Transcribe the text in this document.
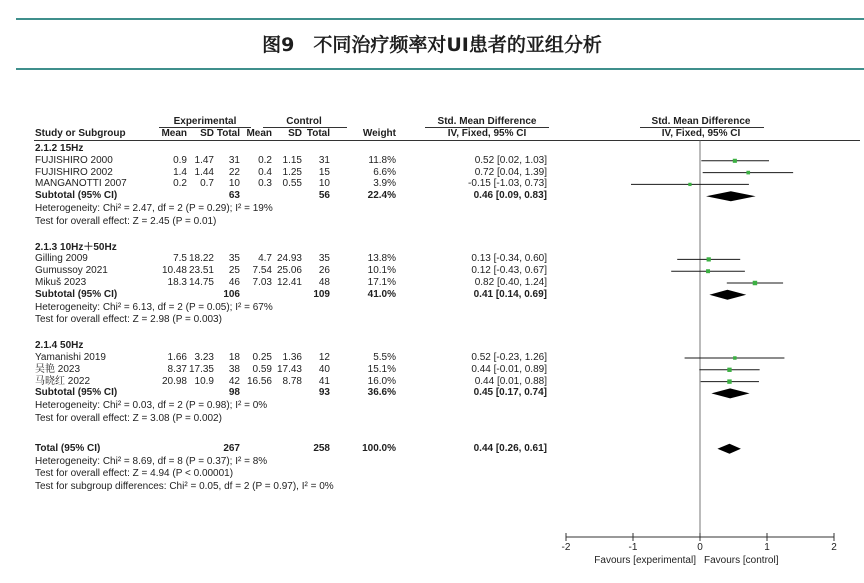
图9　不同治疗频率对UI患者的亚组分析
Experimental	Control	Std. Mean Difference	Std. Mean Difference
Study or Subgroup	Mean	SD Total Mean	SD Total	Weight	IV, Fixed, 95% CI	IV, Fixed, 95% CI
2.1.2 15Hz
FUJISHIRO 2000	0.9 1.47	31	0.2	1.15	31	11.8%	0.52 [0.02, 1.03]
FUJISHIRO 2002	1.4 1.44	22	0.4	1.25	15	6.6%	0.72 [0.04, 1.39]
MANGANOTTI 2007	0.2	0.7	10	0.3	0.55	10	3.9%	-0.15 [-1.03, 0.73]
Subtotal (95% CI)	63	56	22.4%	0.46 [0.09, 0.83]
Heterogeneity: Chi² = 2.47, df = 2 (P = 0.29); I² = 19%
Test for overall effect: Z = 2.45 (P = 0.01)
2.1.3 10Hz＋50Hz
Gilling 2009	7.5 18.22	35	4.7 24.93	35	13.8%	0.13 [-0.34, 0.60]
Gumussoy 2021	10.48 23.51	25	7.54 25.06	26	10.1%	0.12 [-0.43, 0.67]
Mikuš 2023	18.3 14.75	46	7.03 12.41	48	17.1%	0.82 [0.40, 1.24]
Subtotal (95% CI)	106	109	41.0%	0.41 [0.14, 0.69]
Heterogeneity: Chi² = 6.13, df = 2 (P = 0.05); I² = 67%
Test for overall effect: Z = 2.98 (P = 0.003)
2.1.4 50Hz
Yamanishi 2019	1.66 3.23	18	0.25	1.36	12	5.5%	0.52 [-0.23, 1.26]
吴艳 2023	8.37 17.35	38	0.59 17.43	40	15.1%	0.44 [-0.01, 0.89]
马晓红 2022	20.98 10.9	42 16.56	8.78	41	16.0%	0.44 [0.01, 0.88]
Subtotal (95% CI)	98	93	36.6%	0.45 [0.17, 0.74]
Heterogeneity: Chi² = 0.03, df = 2 (P = 0.98); I² = 0%
Test for overall effect: Z = 3.08 (P = 0.002)
Total (95% CI)	267	258	100.0%	0.44 [0.26, 0.61]
Heterogeneity: Chi² = 8.69, df = 8 (P = 0.37); I² = 8%
Test for overall effect: Z = 4.94 (P < 0.00001)
Test for subgroup differences: Chi² = 0.05, df = 2 (P = 0.97), I² = 0%
-2	-1	0	1	2
Favours [experimental] Favours [control]
